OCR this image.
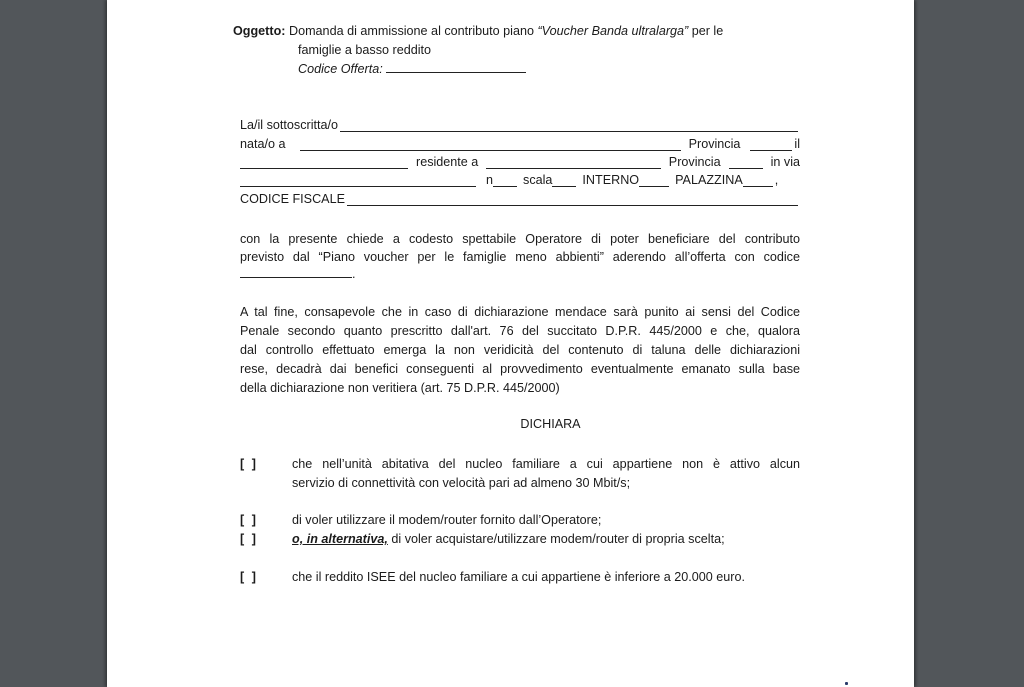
Oggetto: Domanda di ammissione al contributo piano “Voucher Banda ultralarga” per le
famiglie a basso reddito
Codice Offerta:
La/il sottoscritta/o
nata/o a	Provincia	il
residente a	Provincia	in via
n scala INTERNO	PALAZZINA	,
CODICE FISCALE
con la presente chiede a codesto spettabile Operatore di poter beneficiare del contributo
previsto dal “Piano voucher per le famiglie meno abbienti” aderendo all’offerta con codice
.
A tal fine, consapevole che in caso di dichiarazione mendace sarà punito ai sensi del Codice
Penale secondo quanto prescritto dall'art. 76 del succitato D.P.R. 445/2000 e che, qualora
dal controllo effettuato emerga la non veridicità del contenuto di taluna delle dichiarazioni
rese, decadrà dai benefici conseguenti al provvedimento eventualmente emanato sulla base
della dichiarazione non veritiera (art. 75 D.P.R. 445/2000)
DICHIARA
[ ]	che nell’unità abitativa del nucleo familiare a cui appartiene non è attivo alcun
servizio di connettività con velocità pari ad almeno 30 Mbit/s;
[ ]	di voler utilizzare il modem/router fornito dall’Operatore;
[ ]	o, in alternativa, di voler acquistare/utilizzare modem/router di propria scelta;
[ ]	che il reddito ISEE del nucleo familiare a cui appartiene è inferiore a 20.000 euro.
